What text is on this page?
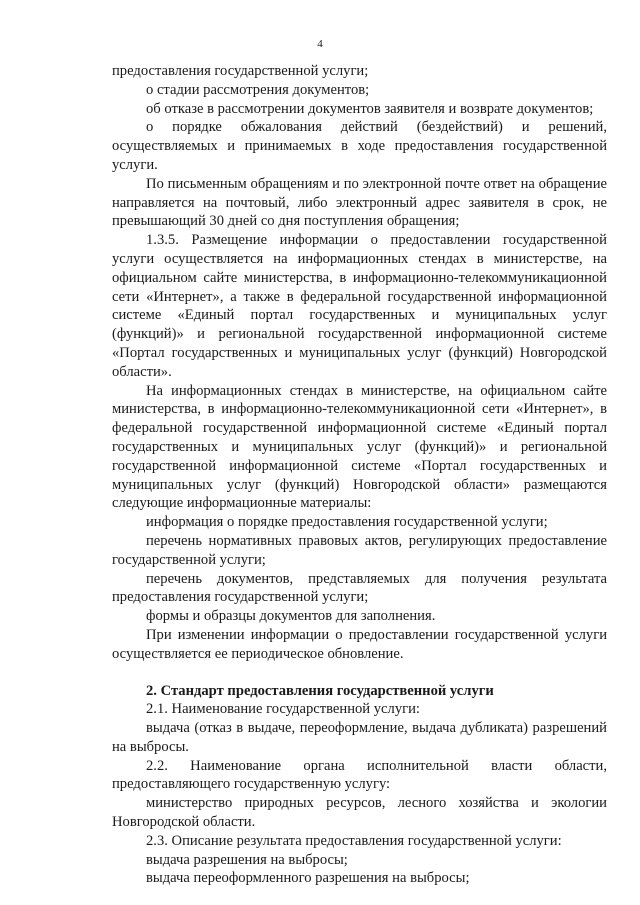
4

предоставления государственной услуги;

о стадии рассмотрения документов;

об отказе в рассмотрении документов заявителя и возврате документов;

о порядке обжалования действий (бездействий) и решений, осуществляемых и принимаемых в ходе предоставления государственной услуги.

По письменным обращениям и по электронной почте ответ на обращение направляется на почтовый, либо электронный адрес заявителя в срок, не превышающий 30 дней со дня поступления обращения;

1.3.5. Размещение информации о предоставлении государственной услуги осуществляется на информационных стендах в министерстве, на официальном сайте министерства, в информационно-телекоммуникационной сети «Интернет», а также в федеральной государственной информационной системе «Единый портал государственных и муниципальных услуг (функций)» и региональной государственной информационной системе «Портал государственных и муниципальных услуг (функций) Новгородской области».

На информационных стендах в министерстве, на официальном сайте министерства, в информационно-телекоммуникационной сети «Интернет», в федеральной государственной информационной системе «Единый портал государственных и муниципальных услуг (функций)» и региональной государственной информационной системе «Портал государственных и муниципальных услуг (функций) Новгородской области» размещаются следующие информационные материалы:

информация о порядке предоставления государственной услуги;

перечень нормативных правовых актов, регулирующих предоставление государственной услуги;

перечень документов, представляемых для получения результата предоставления государственной услуги;

формы и образцы документов для заполнения.

При изменении информации о предоставлении государственной услуги осуществляется ее периодическое обновление.

2. Стандарт предоставления государственной услуги

2.1. Наименование государственной услуги:

выдача (отказ в выдаче, переоформление, выдача дубликата) разрешений на выбросы.

2.2. Наименование органа исполнительной власти области, предоставляющего государственную услугу:

министерство природных ресурсов, лесного хозяйства и экологии Новгородской области.

2.3. Описание результата предоставления государственной услуги:

выдача разрешения на выбросы;

выдача переоформленного разрешения на выбросы;
